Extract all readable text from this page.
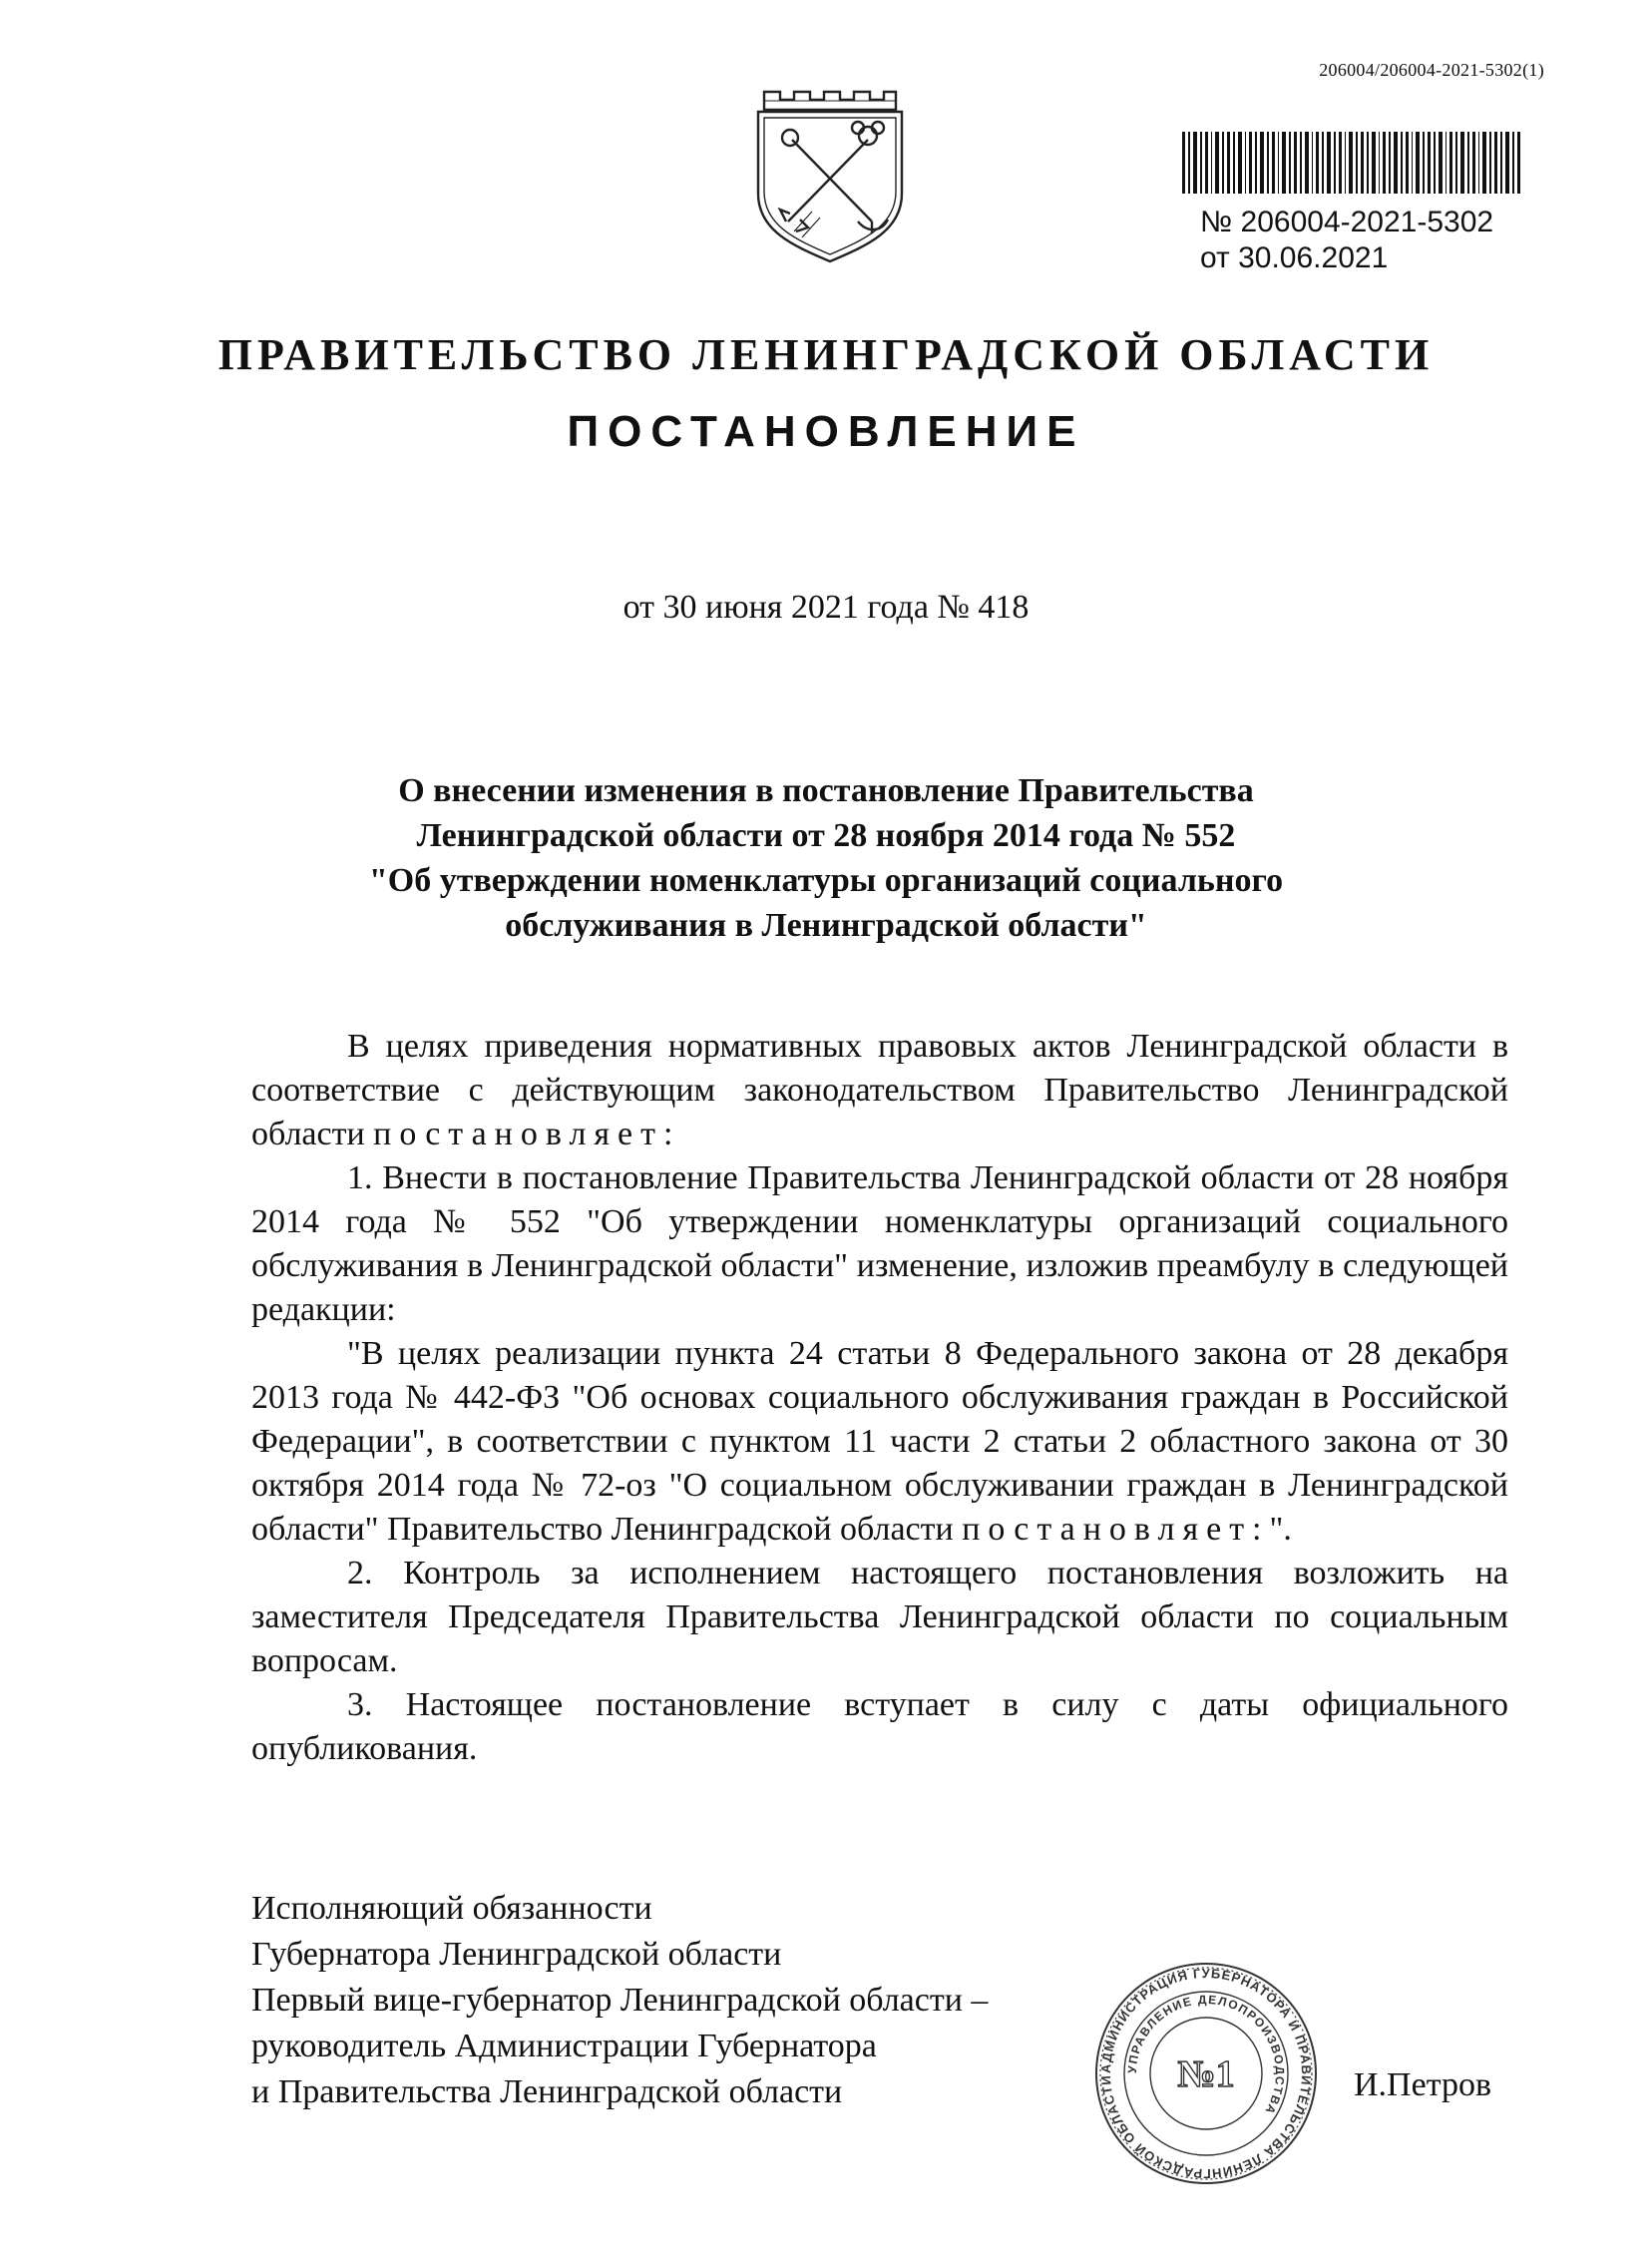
206004/206004-2021-5302(1)
№ 206004-2021-5302
от 30.06.2021
ПРАВИТЕЛЬСТВО ЛЕНИНГРАДСКОЙ ОБЛАСТИ
ПОСТАНОВЛЕНИЕ
от 30 июня 2021 года № 418
О внесении изменения в постановление Правительства
Ленинградской области от 28 ноября 2014 года № 552
"Об утверждении номенклатуры организаций социального
обслуживания в Ленинградской области"

В целях приведения нормативных правовых актов Ленинградской области в соответствие с действующим законодательством Правительство Ленинградской области постановляет:

1. Внести в постановление Правительства Ленинградской области от 28 ноября 2014 года № 552 "Об утверждении номенклатуры организаций социального обслуживания в Ленинградской области" изменение, изложив преамбулу в следующей редакции:

"В целях реализации пункта 24 статьи 8 Федерального закона от 28 декабря 2013 года № 442-ФЗ "Об основах социального обслуживания граждан в Российской Федерации", в соответствии с пунктом 11 части 2 статьи 2 областного закона от 30 октября 2014 года № 72-оз "О социальном обслуживании граждан в Ленинградской области" Правительство Ленинградской области постановляет:".

2. Контроль за исполнением настоящего постановления возложить на заместителя Председателя Правительства Ленинградской области по социальным вопросам.

3. Настоящее постановление вступает в силу с даты официального опубликования.

Исполняющий обязанности
Губернатора Ленинградской области
Первый вице-губернатор Ленинградской области –
руководитель Администрации Губернатора
и Правительства Ленинградской области
АДМИНИСТРАЦИЯ ГУБЕРНАТОРА И ПРАВИТЕЛЬСТВА ЛЕНИНГРАДСКОЙ ОБЛАСТИ
УПРАВЛЕНИЕ ДЕЛОПРОИЗВОДСТВА
№1	И.Петров
